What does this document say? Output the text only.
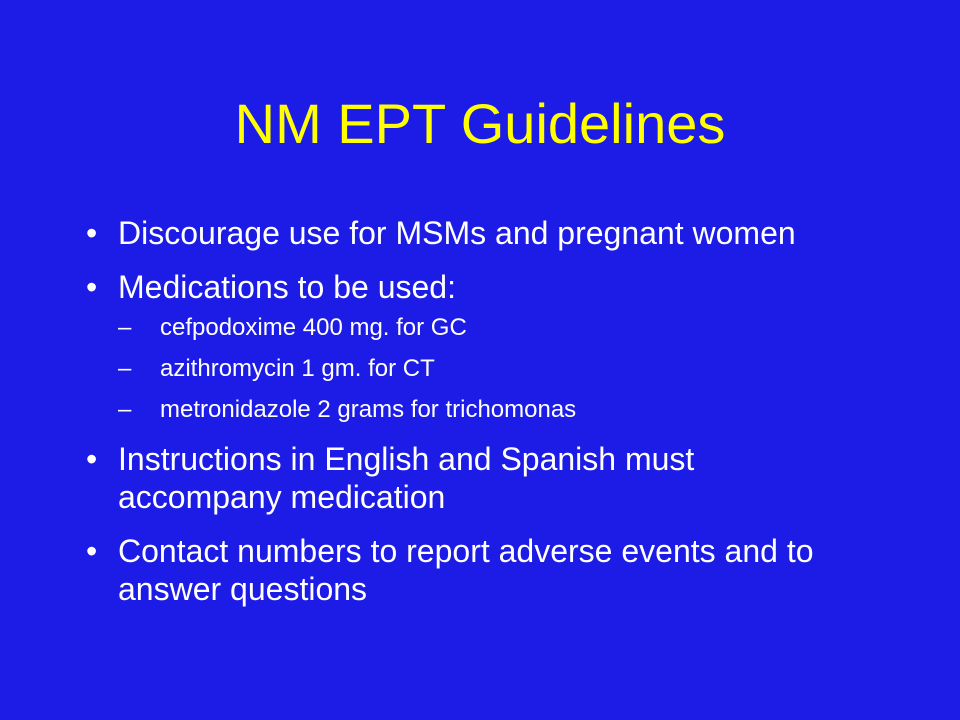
NM EPT Guidelines
• Discourage use for MSMs and pregnant women
• Medications to be used:
– cefpodoxime 400 mg. for GC
– azithromycin 1 gm. for CT
– metronidazole 2 grams for trichomonas
• Instructions in English and Spanish must accompany medication
• Contact numbers to report adverse events and to answer questions
